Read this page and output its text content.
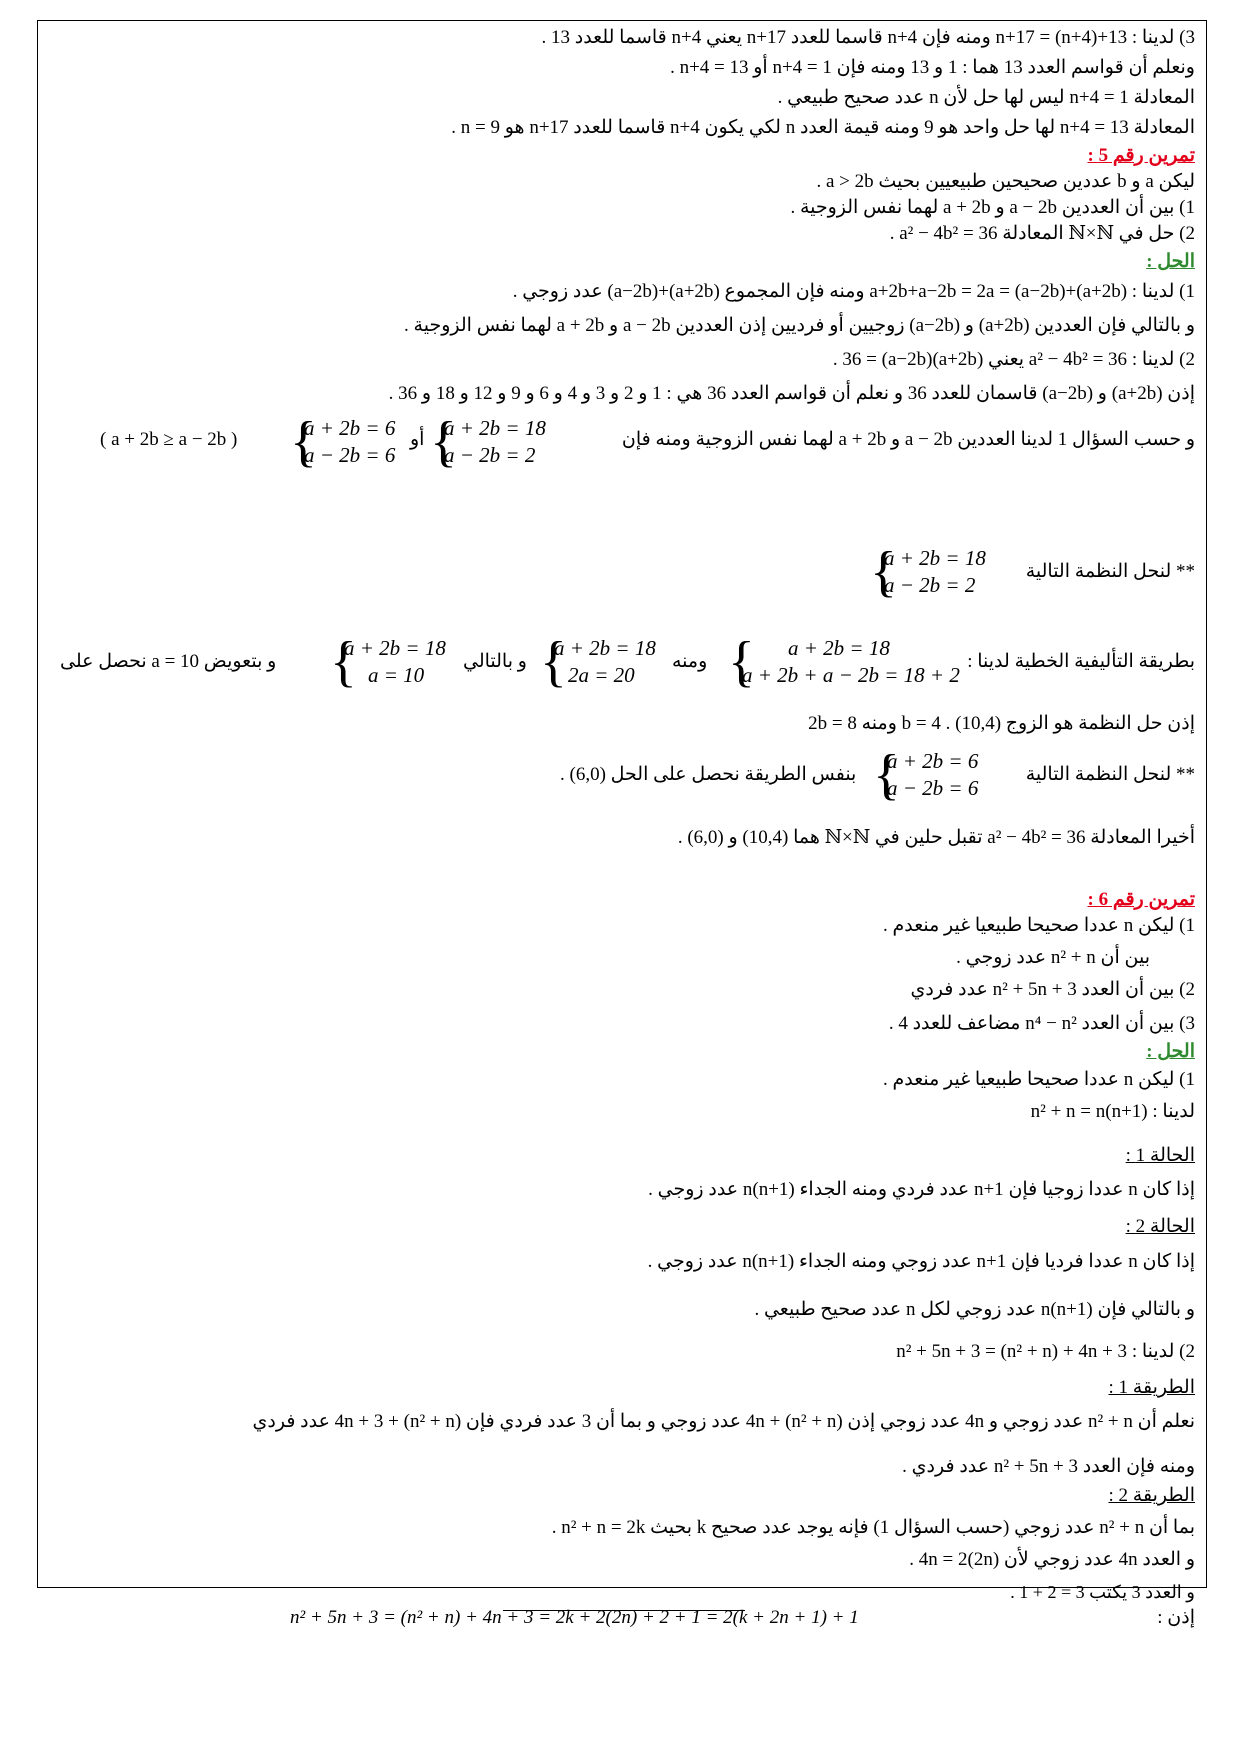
3) لدينا : n+17 = (n+4)+13 ومنه فإن n+4 قاسما للعدد n+17 يعني n+4 قاسما للعدد 13 .
ونعلم أن قواسم العدد 13 هما : 1 و 13 ومنه فإن n+4 = 1 أو n+4 = 13 .
المعادلة n+4 = 1 ليس لها حل لأن n عدد صحيح طبيعي .
المعادلة n+4 = 13 لها حل واحد هو 9 ومنه قيمة العدد n لكي يكون n+4 قاسما للعدد n+17 هو n = 9 .
تمرين رقم 5 :
ليكن a و b عددين صحيحين طبيعيين بحيث a > 2b .
1) بين أن العددين a − 2b و a + 2b لهما نفس الزوجية .
2) حل في ℕ×ℕ المعادلة a² − 4b² = 36 .
الحل :
1) لدينا : (a+2b)+(a−2b) = a+2b+a−2b = 2a ومنه فإن المجموع (a+2b)+(a−2b) عدد زوجي .
و بالتالي فإن العددين (a+2b) و (a−2b) زوجيين أو فرديين إذن العددين a − 2b و a + 2b لهما نفس الزوجية .
2) لدينا : a² − 4b² = 36 يعني (a+2b)(a−2b) = 36 .
إذن (a+2b) و (a−2b) قاسمان للعدد 36 و نعلم أن قواسم العدد 36 هي : 1 و 2 و 3 و 4 و 6 و 9 و 12 و 18 و 36 .
و حسب السؤال 1 لدينا العددين a − 2b و a + 2b لهما نفس الزوجية ومنه فإن
{
a + 2b = 18
a − 2b = 2
أو
{
a + 2b = 6
a − 2b = 6
( a + 2b ≥ a − 2b )
** لنحل النظمة التالية
{
a + 2b = 18
a − 2b = 2
بطريقة التأليفية الخطية لدينا :
{ a + 2b = 18
a + 2b + a − 2b = 18 + 2
ومنه
{
a + 2b = 18
2a = 20
و بالتالي
{
a + 2b = 18
a = 10
و بتعويض a = 10 نحصل على
2b = 8 ومنه b = 4 . إذن حل النظمة هو الزوج (10,4)
** لنحل النظمة التالية
{
a + 2b = 6
a − 2b = 6
بنفس الطريقة نحصل على الحل (6,0) .
أخيرا المعادلة a² − 4b² = 36 تقبل حلين في ℕ×ℕ هما (10,4) و (6,0) .
تمرين رقم 6 :
1) ليكن n عددا صحيحا طبيعيا غير منعدم .
بين أن n² + n عدد زوجي .
2) بين أن العدد n² + 5n + 3 عدد فردي
3) بين أن العدد n⁴ − n² مضاعف للعدد 4 .
الحل :
1) ليكن n عددا صحيحا طبيعيا غير منعدم .
لدينا : n² + n = n(n+1)
الحالة 1 :
إذا كان n عددا زوجيا فإن n+1 عدد فردي ومنه الجداء n(n+1) عدد زوجي .
الحالة 2 :
إذا كان n عددا فرديا فإن n+1 عدد زوجي ومنه الجداء n(n+1) عدد زوجي .
و بالتالي فإن n(n+1) عدد زوجي لكل n عدد صحيح طبيعي .
2) لدينا : n² + 5n + 3 = (n² + n) + 4n + 3
الطريقة 1 :
نعلم أن n² + n عدد زوجي و 4n عدد زوجي إذن (n² + n) + 4n عدد زوجي و بما أن 3 عدد فردي فإن (n² + n) + 4n + 3 عدد فردي
ومنه فإن العدد n² + 5n + 3 عدد فردي .
الطريقة 2 :
بما أن n² + n عدد زوجي (حسب السؤال 1) فإنه يوجد عدد صحيح k بحيث n² + n = 2k .
و العدد 4n عدد زوجي لأن 4n = 2(2n) .
و العدد 3 يكتب 3 = 2 + 1 .
إذن :
n² + 5n + 3 = (n² + n) + 4n + 3 = 2k + 2(2n) + 2 + 1 = 2(k + 2n + 1) + 1
